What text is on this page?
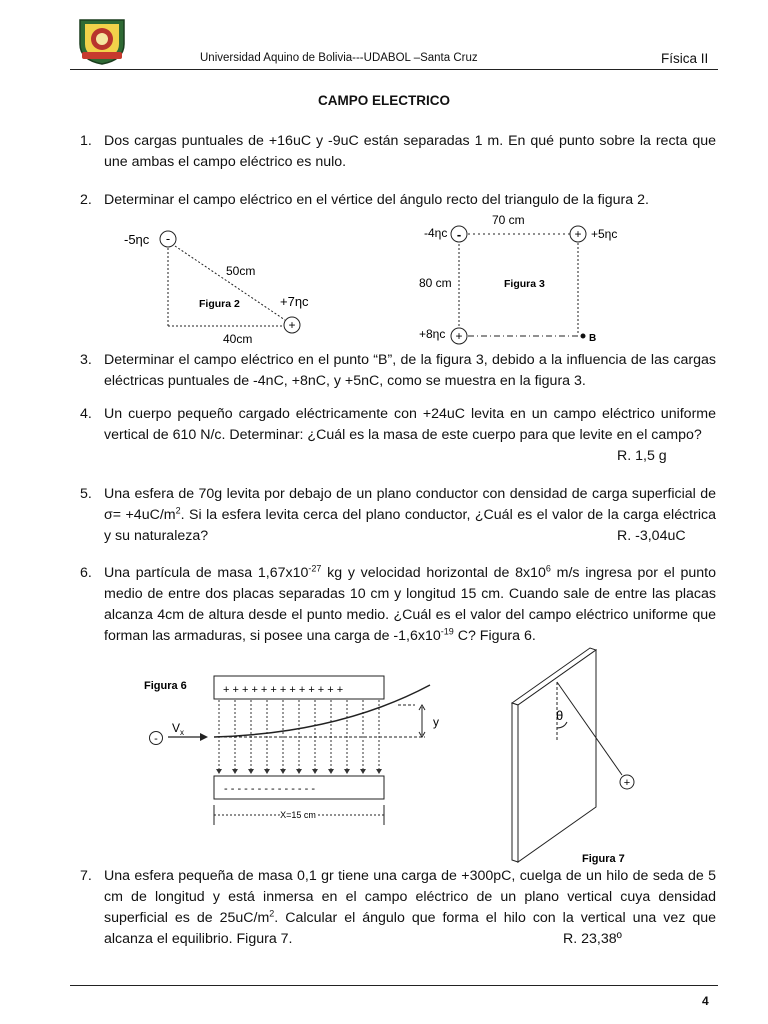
Universidad Aquino de Bolivia---UDABOL –Santa Cruz	Física II
CAMPO ELECTRICO
1. Dos cargas puntuales de +16uC y -9uC están separadas 1 m. En qué punto sobre la recta que une ambas el campo eléctrico es nulo.
2. Determinar el campo eléctrico en el vértice del ángulo recto del triangulo de la figura 2.
-
+
-5ηc
50cm
Figura 2	+7ηc
40cm
-	+
+
70 cm
-4ηc	+5ηc
80 cm	Figura 3
+8ηc	B
3. Determinar el campo eléctrico en el punto “B”, de la figura 3, debido a la influencia de las cargas eléctricas puntuales de -4nC, +8nC, y +5nC, como se muestra en la figura 3.
4. Un cuerpo pequeño cargado eléctricamente con +24uC levita en un campo eléctrico uniforme vertical de 610 N/c. Determinar: ¿Cuál es la masa de este cuerpo para que levite en el campo?
R. 1,5 g
5. Una esfera de 70g levita por debajo de un plano conductor con densidad de carga superficial de $\sigma= +4uC/m^2$. Si la esfera levita cerca del plano conductor, ¿Cuál es el valor de la carga eléctrica y su naturaleza?	R. -3,04uC
6. Una partícula de masa $1,67x10^{-27}$ kg y velocidad horizontal de $8x10^6$ m/s ingresa por el punto medio de entre dos placas separadas 10 cm y longitud 15 cm. Cuando sale de entre las placas alcanza 4cm de altura desde el punto medio. ¿Cuál es el valor del campo eléctrico uniforme que forman las armaduras, si posee una carga de $-1,6x10^{-19}$ C? Figura 6.
Figura 6	+ + + + + + + + + + + + +
- - - - - - - - - - - - - -
y
-
$V_x$
X=15 cm
θ
+
Figura 7
7. Una esfera pequeña de masa 0,1 gr tiene una carga de +300pC, cuelga de un hilo de seda de 5 cm de longitud y está inmersa en el campo eléctrico de un plano vertical cuya densidad superficial es de $25uC/m^2$. Calcular el ángulo que forma el hilo con la vertical una vez que alcanza el equilibrio. Figura 7.	R. 23,38º
4
